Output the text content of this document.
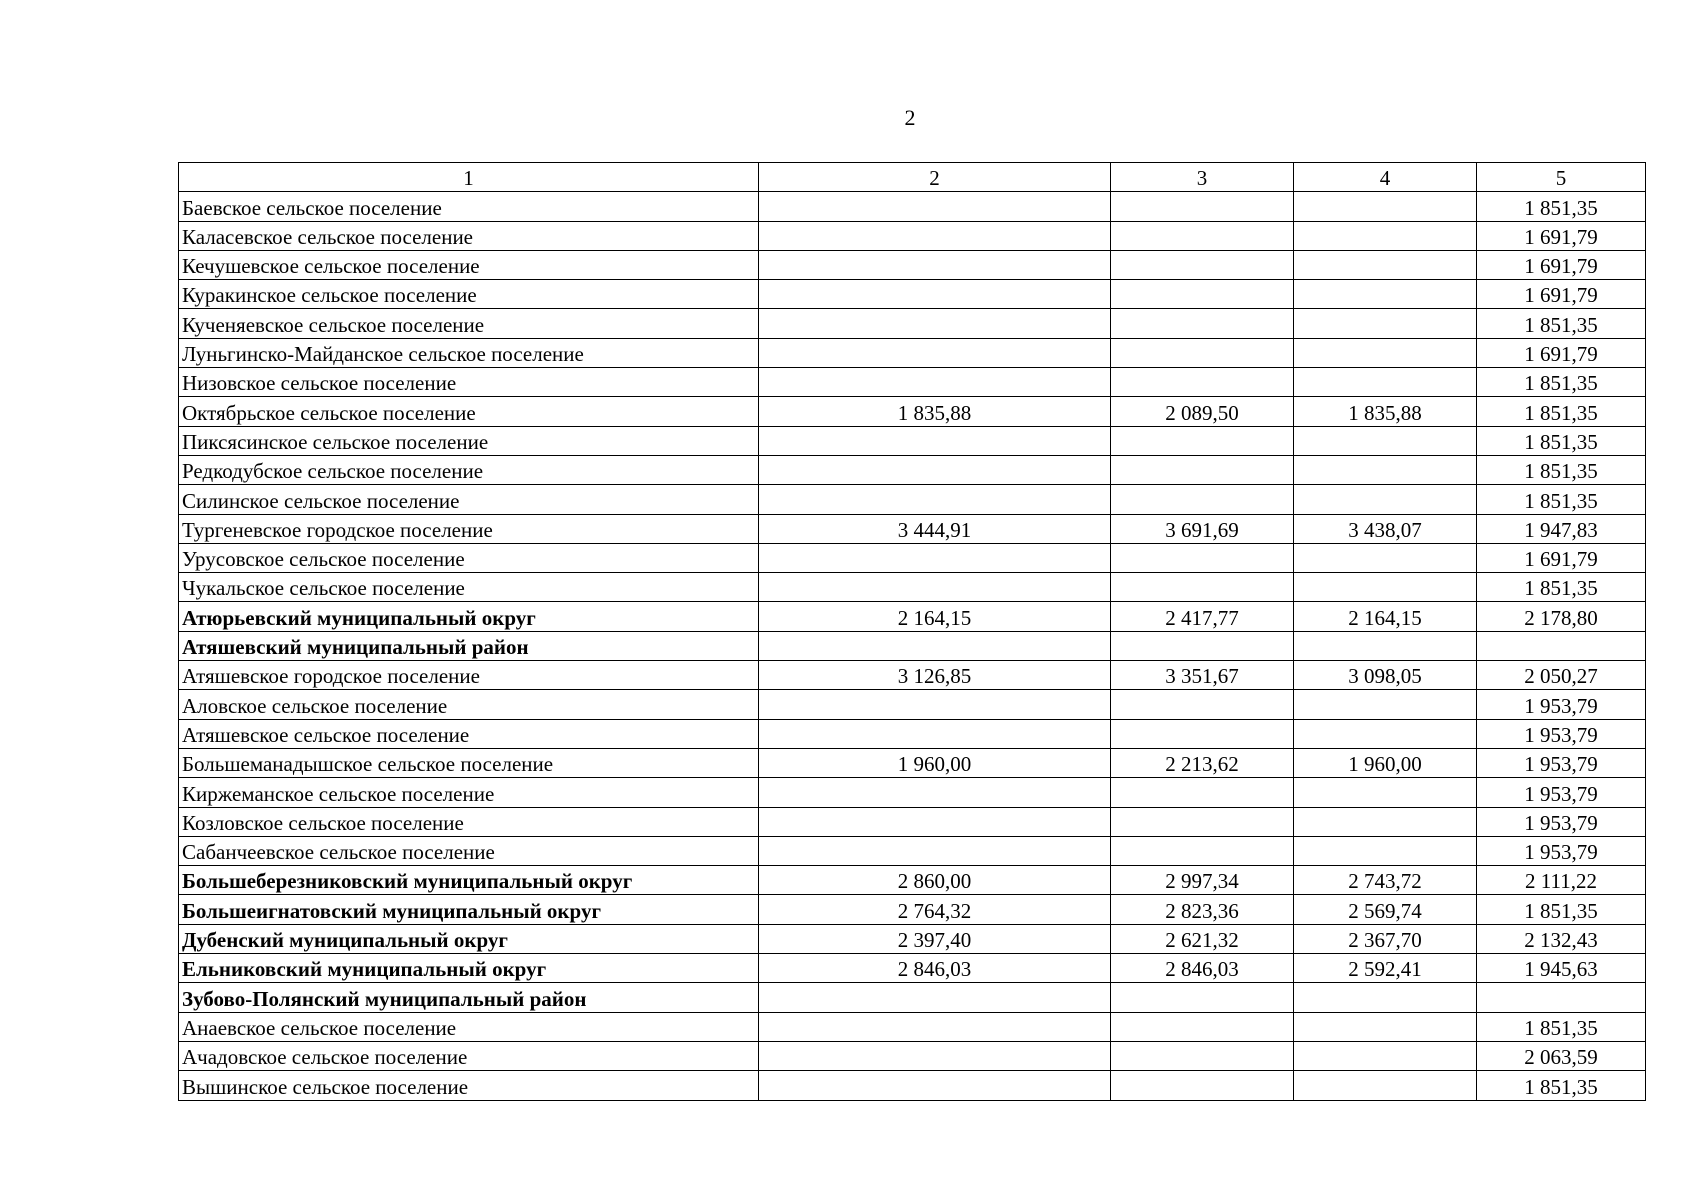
2
1	2	3	4	5
Баевское сельское поселение				1 851,35
Каласевское сельское поселение				1 691,79
Кечушевское сельское поселение				1 691,79
Куракинское сельское поселение				1 691,79
Кученяевское сельское поселение				1 851,35
Луньгинско-Майданское сельское поселение				1 691,79
Низовское сельское поселение				1 851,35
Октябрьское сельское поселение	1 835,88	2 089,50	1 835,88	1 851,35
Пиксясинское сельское поселение				1 851,35
Редкодубское сельское поселение				1 851,35
Силинское сельское поселение				1 851,35
Тургеневское городское поселение	3 444,91	3 691,69	3 438,07	1 947,83
Урусовское сельское поселение				1 691,79
Чукальское сельское поселение				1 851,35
Атюрьевский муниципальный округ	2 164,15	2 417,77	2 164,15	2 178,80
Атяшевский муниципальный район				
Атяшевское городское поселение	3 126,85	3 351,67	3 098,05	2 050,27
Аловское сельское поселение				1 953,79
Атяшевское сельское поселение				1 953,79
Большеманадышское сельское поселение	1 960,00	2 213,62	1 960,00	1 953,79
Киржеманское сельское поселение				1 953,79
Козловское сельское поселение				1 953,79
Сабанчеевское сельское поселение				1 953,79
Большеберезниковский муниципальный округ	2 860,00	2 997,34	2 743,72	2 111,22
Большеигнатовский муниципальный округ	2 764,32	2 823,36	2 569,74	1 851,35
Дубенский муниципальный округ	2 397,40	2 621,32	2 367,70	2 132,43
Ельниковский муниципальный округ	2 846,03	2 846,03	2 592,41	1 945,63
Зубово-Полянский муниципальный район				
Анаевское сельское поселение				1 851,35
Ачадовское сельское поселение				2 063,59
Вышинское сельское поселение				1 851,35
